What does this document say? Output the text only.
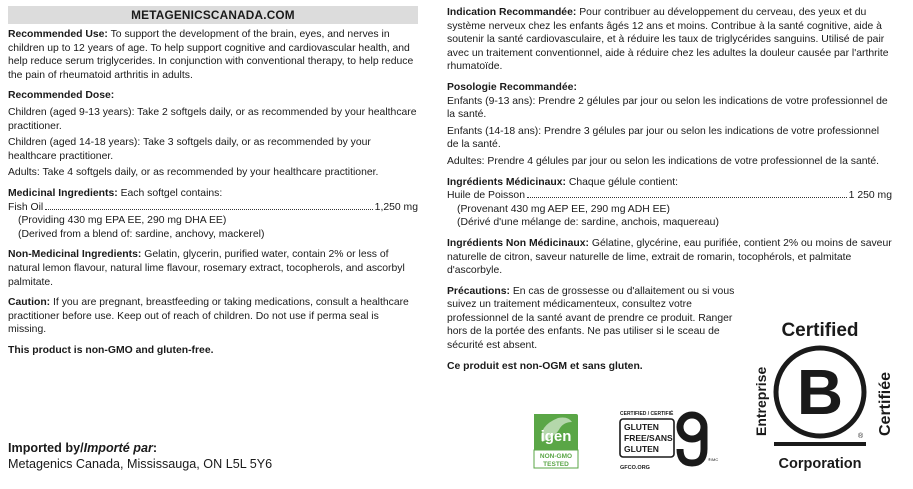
METAGENICSCANADA.COM

Recommended Use: To support the development of the brain, eyes, and nerves in children up to 12 years of age. To help support cognitive and cardiovascular health, and help reduce serum triglycerides. In conjunction with conventional therapy, to help reduce the pain of rheumatoid arthritis in adults.

Recommended Dose:

Children (aged 9-13 years): Take 2 softgels daily, or as recommended by your healthcare practitioner.

Children (aged 14-18 years): Take 3 softgels daily, or as recommended by your healthcare practitioner.

Adults: Take 4 softgels daily, or as recommended by your healthcare practitioner.

Medicinal Ingredients: Each softgel contains:

Fish Oil	1,250 mg
(Providing 430 mg EPA EE, 290 mg DHA EE)
(Derived from a blend of: sardine, anchovy, mackerel)

Non-Medicinal Ingredients: Gelatin, glycerin, purified water, contain 2% or less of natural lemon flavour, natural lime flavour, rosemary extract, tocopherols, and ascorbyl palmitate.

Caution: If you are pregnant, breastfeeding or taking medications, consult a healthcare practitioner before use. Keep out of reach of children. Do not use if perma seal is missing.

This product is non-GMO and gluten-free.

Indication Recommandée: Pour contribuer au développement du cerveau, des yeux et du système nerveux chez les enfants âgés 12 ans et moins. Contribue à la santé cognitive, aide à soutenir la santé cardiovasculaire, et à réduire les taux de triglycérides sanguins. Utilisé de pair avec un traitement conventionnel, aide à réduire chez les adultes la douleur causée par l'arthrite rhumatoïde.

Posologie Recommandée:

Enfants (9-13 ans): Prendre 2 gélules par jour ou selon les indications de votre professionnel de la santé.

Enfants (14-18 ans): Prendre 3 gélules par jour ou selon les indications de votre professionnel de la santé.

Adultes: Prendre 4 gélules par jour ou selon les indications de votre professionnel de la santé.

Ingrédients Médicinaux: Chaque gélule contient:

Huile de Poisson	1 250 mg
(Provenant 430 mg AEP EE, 290 mg ADH EE)
(Dérivé d'une mélange de: sardine, anchois, maquereau)

Ingrédients Non Médicinaux: Gélatine, glycérine, eau purifiée, contient 2% ou moins de saveur naturelle de citron, saveur naturelle de lime, extrait de romarin, tocophérols, et palmitate d'ascorbyle.

Précautions: En cas de grossesse ou d'allaitement ou si vous suivez un traitement médicamenteux, consultez votre professionnel de la santé avant de prendre ce produit. Ranger hors de la portée des enfants. Ne pas utiliser si le sceau de sécurité est absent.

Ce produit est non-OGM et sans gluten.
Imported by/Importé par:
Metagenics Canada, Mississauga, ON L5L 5Y6
igen
NON-GMO
TESTED
CERTIFIED / CERTIFIÉ
GLUTEN
FREE/SANS
GLUTEN
®/MC
GFCO.ORG
Certified
B
®
Corporation
Entreprise	Certifiée
